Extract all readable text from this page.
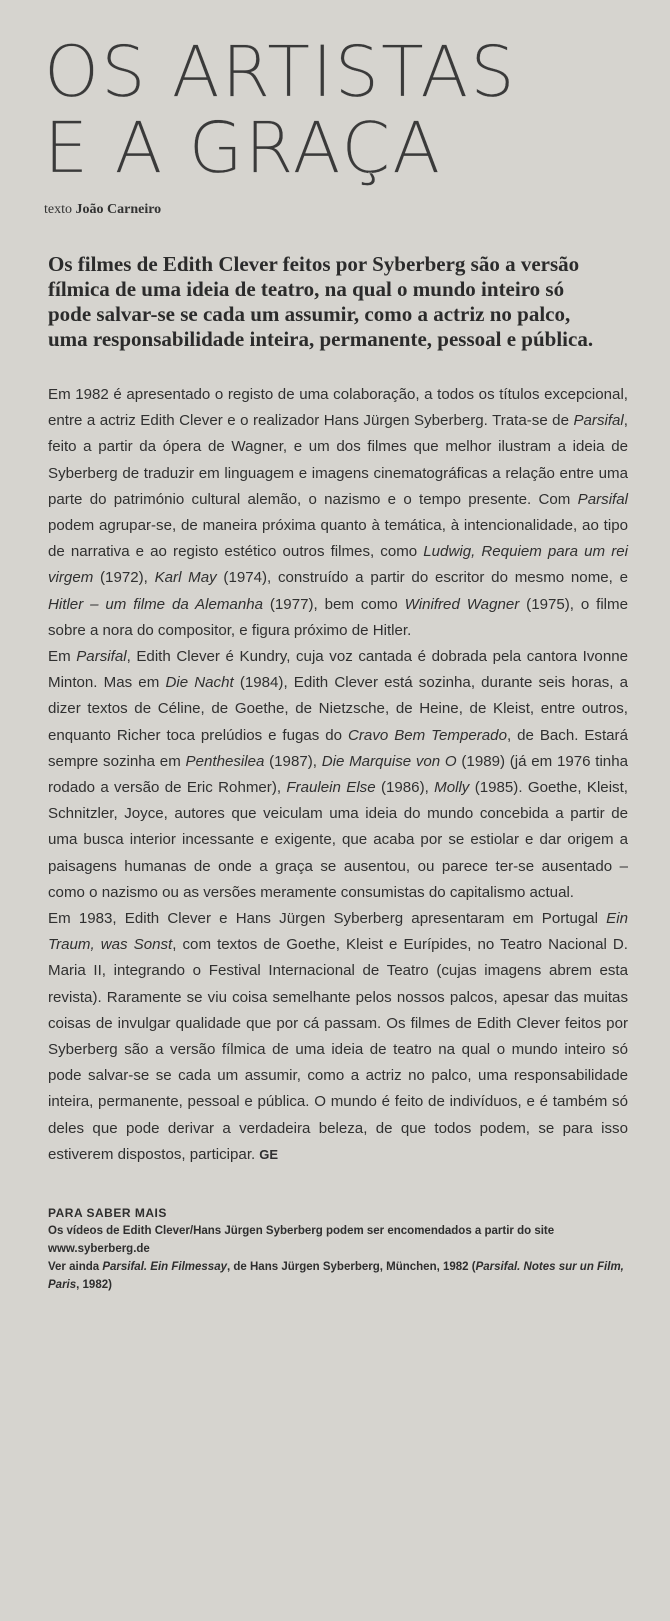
OS ARTISTAS
E A GRAÇA
texto João Carneiro
Os filmes de Edith Clever feitos por Syberberg são a versão fílmica de uma ideia de teatro, na qual o mundo inteiro só pode salvar-se se cada um assumir, como a actriz no palco, uma responsabilidade inteira, permanente, pessoal e pública.

Em 1982 é apresentado o registo de uma colaboração, a todos os títulos excepcional, entre a actriz Edith Clever e o realizador Hans Jürgen Syberberg. Trata-se de Parsifal, feito a partir da ópera de Wagner, e um dos filmes que melhor ilustram a ideia de Syberberg de traduzir em linguagem e imagens cinematográficas a relação entre uma parte do património cultural alemão, o nazismo e o tempo presente. Com Parsifal podem agrupar-se, de maneira próxima quanto à temática, à intencionalidade, ao tipo de narrativa e ao registo estético outros filmes, como Ludwig, Requiem para um rei virgem (1972), Karl May (1974), construído a partir do escritor do mesmo nome, e Hitler – um filme da Alemanha (1977), bem como Winifred Wagner (1975), o filme sobre a nora do compositor, e figura próximo de Hitler.

Em Parsifal, Edith Clever é Kundry, cuja voz cantada é dobrada pela cantora Ivonne Minton. Mas em Die Nacht (1984), Edith Clever está sozinha, durante seis horas, a dizer textos de Céline, de Goethe, de Nietzsche, de Heine, de Kleist, entre outros, enquanto Richer toca prelúdios e fugas do Cravo Bem Temperado, de Bach. Estará sempre sozinha em Penthesilea (1987), Die Marquise von O (1989) (já em 1976 tinha rodado a versão de Eric Rohmer), Fraulein Else (1986), Molly (1985). Goethe, Kleist, Schnitzler, Joyce, autores que veiculam uma ideia do mundo concebida a partir de uma busca interior incessante e exigente, que acaba por se estiolar e dar origem a paisagens humanas de onde a graça se ausentou, ou parece ter-se ausentado – como o nazismo ou as versões meramente consumistas do capitalismo actual.

Em 1983, Edith Clever e Hans Jürgen Syberberg apresentaram em Portugal Ein Traum, was Sonst, com textos de Goethe, Kleist e Eurípides, no Teatro Nacional D. Maria II, integrando o Festival Internacional de Teatro (cujas imagens abrem esta revista). Raramente se viu coisa semelhante pelos nossos palcos, apesar das muitas coisas de invulgar qualidade que por cá passam. Os filmes de Edith Clever feitos por Syberberg são a versão fílmica de uma ideia de teatro na qual o mundo inteiro só pode salvar-se se cada um assumir, como a actriz no palco, uma responsabilidade inteira, permanente, pessoal e pública. O mundo é feito de indivíduos, e é também só deles que pode derivar a verdadeira beleza, de que todos podem, se para isso estiverem dispostos, participar. GE

PARA SABER MAIS
Os vídeos de Edith Clever/Hans Jürgen Syberberg podem ser encomendados a partir do site www.syberberg.de
Ver ainda Parsifal. Ein Filmessay, de Hans Jürgen Syberberg, München, 1982 (Parsifal. Notes sur un Film, Paris, 1982)
